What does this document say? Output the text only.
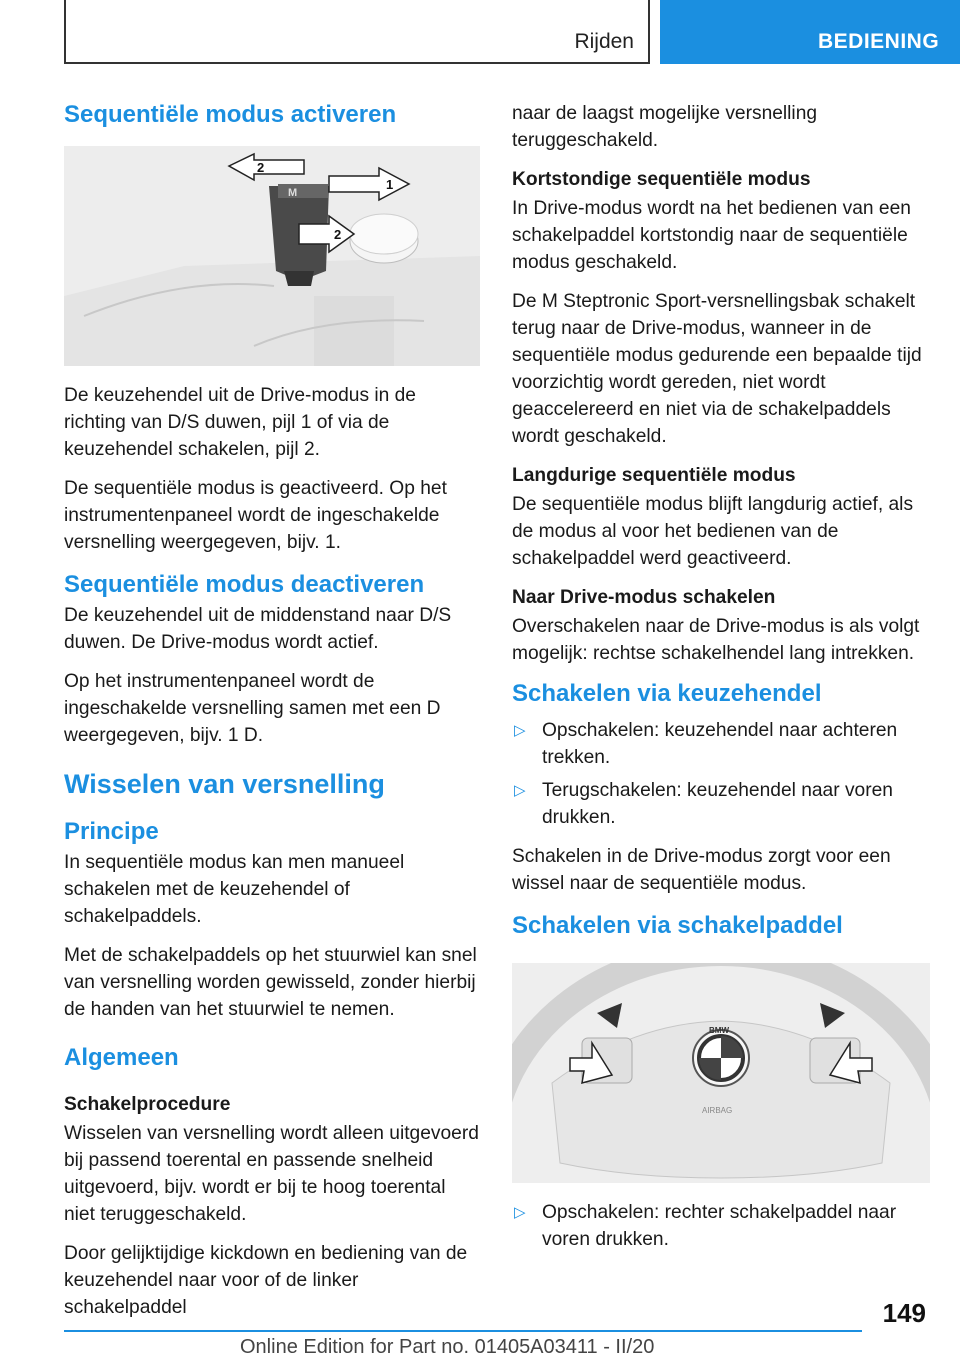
Rijden	BEDIENING
Sequentiële modus activeren
M
2
1
2

De keuzehendel uit de Drive-modus in de richting van D/S duwen, pijl 1 of via de keuzehendel schakelen, pijl 2.

De sequentiële modus is geactiveerd. Op het instrumentenpaneel wordt de ingeschakelde versnelling weergegeven, bijv. 1.

Sequentiële modus deactiveren

De keuzehendel uit de middenstand naar D/S duwen. De Drive-modus wordt actief.

Op het instrumentenpaneel wordt de ingeschakelde versnelling samen met een D weergegeven, bijv. 1 D.

Wisselen van versnelling
Principe

In sequentiële modus kan men manueel schakelen met de keuzehendel of schakelpaddels.

Met de schakelpaddels op het stuurwiel kan snel van versnelling worden gewisseld, zonder hierbij de handen van het stuurwiel te nemen.

Algemeen
Schakelprocedure

Wisselen van versnelling wordt alleen uitgevoerd bij passend toerental en passende snelheid uitgevoerd, bijv. wordt er bij te hoog toerental niet teruggeschakeld.

Door gelijktijdige kickdown en bediening van de keuzehendel naar voor of de linker schakelpaddel

naar de laagst mogelijke versnelling teruggeschakeld.

Kortstondige sequentiële modus

In Drive-modus wordt na het bedienen van een schakelpaddel kortstondig naar de sequentiële modus geschakeld.

De M Steptronic Sport-versnellingsbak schakelt terug naar de Drive-modus, wanneer in de sequentiële modus gedurende een bepaalde tijd voorzichtig wordt gereden, niet wordt geaccelereerd en niet via de schakelpaddels wordt geschakeld.

Langdurige sequentiële modus

De sequentiële modus blijft langdurig actief, als de modus al voor het bedienen van de schakelpaddel werd geactiveerd.

Naar Drive-modus schakelen

Overschakelen naar de Drive-modus is als volgt mogelijk: rechtse schakelhendel lang intrekken.

Schakelen via keuzehendel
▷ Opschakelen: keuzehendel naar achteren trekken.
▷ Terugschakelen: keuzehendel naar voren drukken.

Schakelen in de Drive-modus zorgt voor een wissel naar de sequentiële modus.

Schakelen via schakelpaddel
BMW
AIRBAG
▷ Opschakelen: rechter schakelpaddel naar voren drukken.
149
Online Edition for Part no. 01405A03411 - II/20
